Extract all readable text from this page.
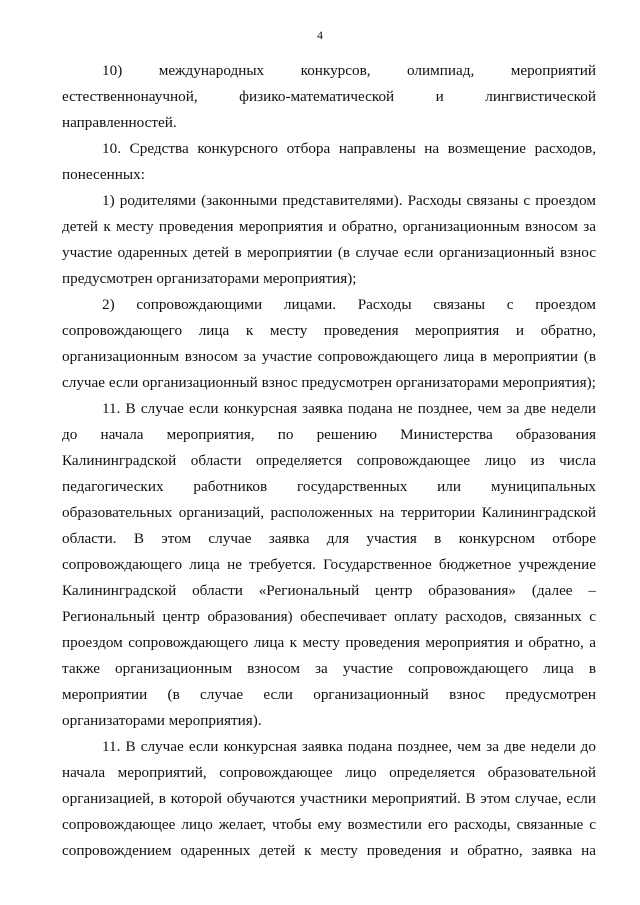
4

10) международных конкурсов, олимпиад, мероприятий естественнонаучной, физико-математической и лингвистической направленностей.

10. Средства конкурсного отбора направлены на возмещение расходов, понесенных:

1) родителями (законными представителями). Расходы связаны с проездом детей к месту проведения мероприятия и обратно, организационным взносом за участие одаренных детей в мероприятии (в случае если организационный взнос предусмотрен организаторами мероприятия);

2) сопровождающими лицами. Расходы связаны с проездом сопровождающего лица к месту проведения мероприятия и обратно, организационным взносом за участие сопровождающего лица в мероприятии (в случае если организационный взнос предусмотрен организаторами мероприятия);

11. В случае если конкурсная заявка подана не позднее, чем за две недели до начала мероприятия, по решению Министерства образования Калининградской области определяется сопровождающее лицо из числа педагогических работников государственных или муниципальных образовательных организаций, расположенных на территории Калининградской области. В этом случае заявка для участия в конкурсном отборе сопровождающего лица не требуется. Государственное бюджетное учреждение Калининградской области «Региональный центр образования» (далее – Региональный центр образования) обеспечивает оплату расходов, связанных с проездом сопровождающего лица к месту проведения мероприятия и обратно, а также организационным взносом за участие сопровождающего лица в мероприятии (в случае если организационный взнос предусмотрен организаторами мероприятия).

11. В случае если конкурсная заявка подана позднее, чем за две недели до начала мероприятий, сопровождающее лицо определяется образовательной организацией, в которой обучаются участники мероприятий. В этом случае, если сопровождающее лицо желает, чтобы ему возместили его расходы, связанные с сопровождением одаренных детей к месту проведения и обратно, заявка на
